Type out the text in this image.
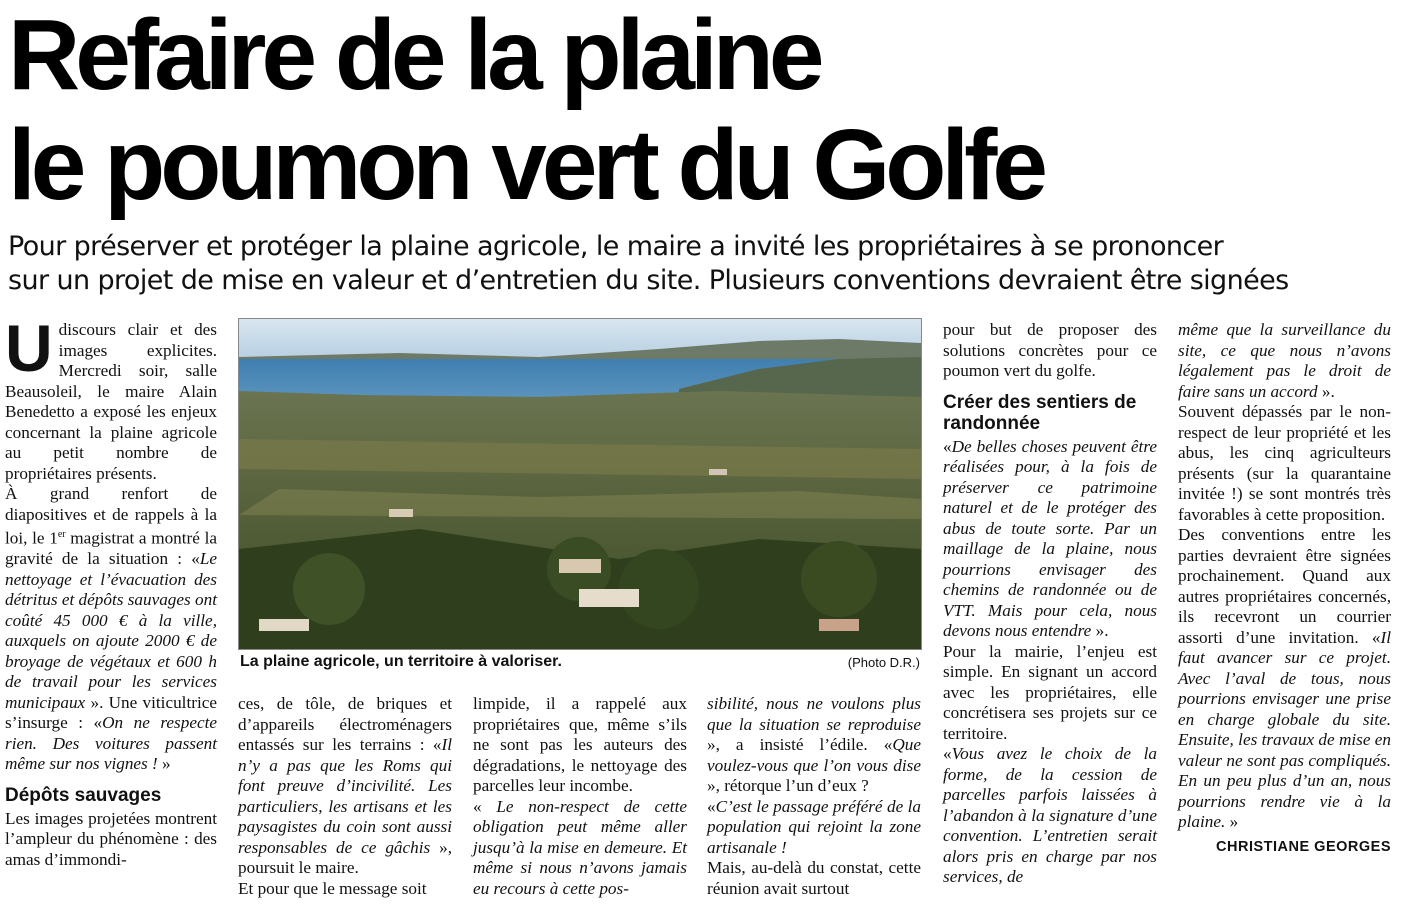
Refaire de la plaine
le poumon vert du Golfe
Pour préserver et protéger la plaine agricole, le maire a invité les propriétaires à se prononcer
sur un projet de mise en valeur et d’entretien du site. Plusieurs conventions devraient être signées

Udiscours clair et des images explicites. Mercredi soir, salle Beausoleil, le maire Alain Benedetto a exposé les enjeux concernant la plaine agricole au petit nombre de propriétaires présents.

À grand renfort de diapositives et de rappels à la loi, le 1er magistrat a montré la gravité de la situation : «Le nettoyage et l’évacuation des détritus et dépôts sauvages ont coûté 45 000 € à la ville, auxquels on ajoute 2000 € de broyage de végétaux et 600 h de travail pour les services municipaux ». Une viticultrice s’insurge : «On ne respecte rien. Des voitures passent même sur nos vignes ! »

Dépôts sauvages

Les images projetées montrent l’ampleur du phénomène : des amas d’immondi-

La plaine agricole, un territoire à valoriser.	(Photo D.R.)

ces, de tôle, de briques et d’appareils électroménagers entassés sur les terrains : «Il n’y a pas que les Roms qui font preuve d’incivilité. Les particuliers, les artisans et les paysagistes du coin sont aussi responsables de ce gâchis », poursuit le maire.

Et pour que le message soit

limpide, il a rappelé aux propriétaires que, même s’ils ne sont pas les auteurs des dégradations, le nettoyage des parcelles leur incombe.

« Le non-respect de cette obligation peut même aller jusqu’à la mise en demeure. Et même si nous n’avons jamais eu recours à cette pos-

sibilité, nous ne voulons plus que la situation se reproduise », a insisté l’édile. «Que voulez-vous que l’on vous dise », rétorque l’un d’eux ?

«C’est le passage préféré de la population qui rejoint la zone artisanale !

Mais, au-delà du constat, cette réunion avait surtout

pour but de proposer des solutions concrètes pour ce poumon vert du golfe.

Créer des sentiers de randonnée

«De belles choses peuvent être réalisées pour, à la fois de préserver ce patrimoine naturel et de le protéger des abus de toute sorte. Par un maillage de la plaine, nous pourrions envisager des chemins de randonnée ou de VTT. Mais pour cela, nous devons nous entendre ».

Pour la mairie, l’enjeu est simple. En signant un accord avec les propriétaires, elle concrétisera ses projets sur ce territoire.

«Vous avez le choix de la forme, de la cession de parcelles parfois laissées à l’abandon à la signature d’une convention. L’entretien serait alors pris en charge par nos services, de

même que la surveillance du site, ce que nous n’avons légalement pas le droit de faire sans un accord ».

Souvent dépassés par le non-respect de leur propriété et les abus, les cinq agriculteurs présents (sur la quarantaine invitée !) se sont montrés très favorables à cette proposition.

Des conventions entre les parties devraient être signées prochainement. Quand aux autres propriétaires concernés, ils recevront un courrier assorti d’une invitation. «Il faut avancer sur ce projet. Avec l’aval de tous, nous pourrions envisager une prise en charge globale du site. Ensuite, les travaux de mise en valeur ne sont pas compliqués. En un peu plus d’un an, nous pourrions rendre vie à la plaine. »

CHRISTIANE GEORGES
